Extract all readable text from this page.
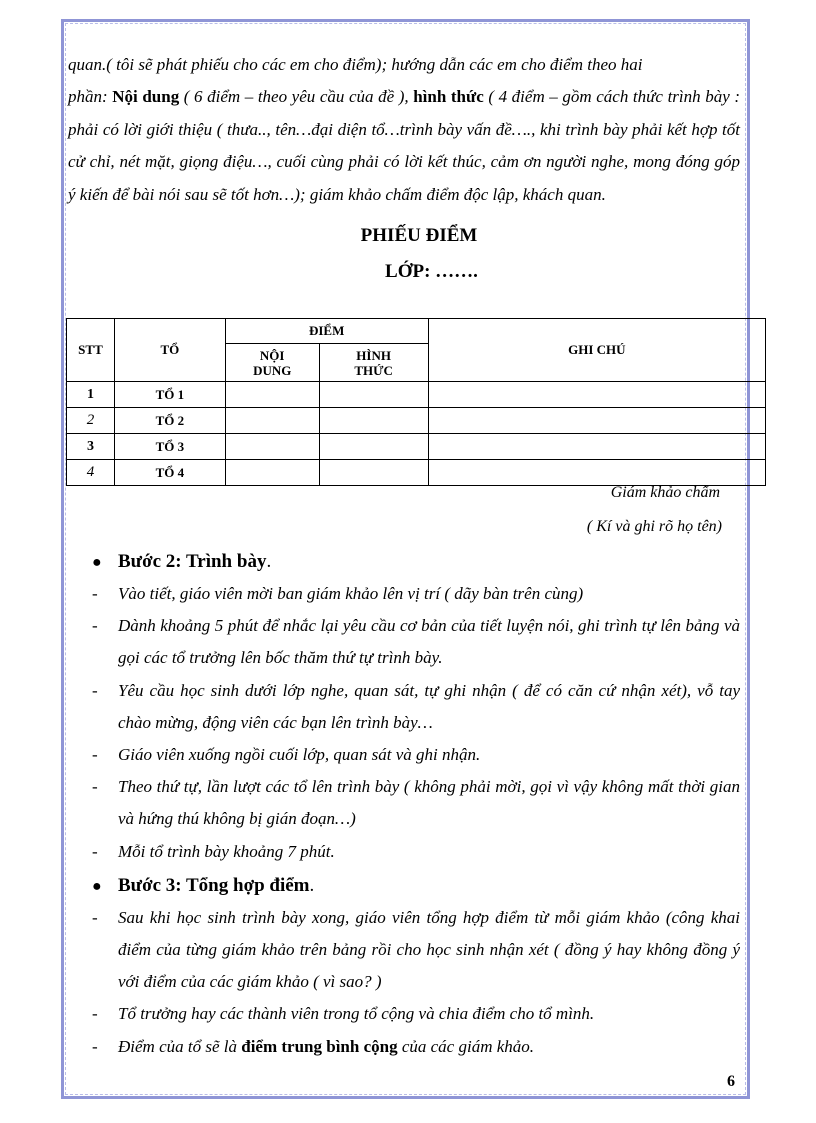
quan.( tôi sẽ phát phiếu cho các em cho điểm); hướng dẫn các em cho điểm theo hai
phần: Nội dung ( 6 điểm – theo yêu cầu của đề ), hình thức ( 4 điểm – gồm cách thức trình bày : phải có lời giới thiệu ( thưa.., tên…đại diện tổ…trình bày vấn đề…., khi trình bày phải kết hợp tốt cử chỉ, nét mặt, giọng điệu…, cuối cùng phải có lời kết thúc, cảm ơn người nghe, mong đóng góp ý kiến để bài nói sau sẽ tốt hơn…); giám khảo chấm điểm độc lập, khách quan.

PHIẾU ĐIỂM
LỚP: …….
STT	TỔ	ĐIỂM		GHI CHÚ
		NỘI DUNG	HÌNH THỨC	
1	TỔ 1			
2	TỔ 2			
3	TỔ 3			
4	TỔ 4			
Giám khảo chấm
( Kí và ghi rõ họ tên)
● Bước 2: Trình bày.
- Vào tiết, giáo viên mời ban giám khảo lên vị trí ( dãy bàn trên cùng)
- Dành khoảng 5 phút để nhắc lại yêu cầu cơ bản của tiết luyện nói, ghi trình tự lên bảng và gọi các tổ trưởng lên bốc thăm thứ tự trình bày.
- Yêu cầu học sinh dưới lớp nghe, quan sát, tự ghi nhận ( để có căn cứ nhận xét), vỗ tay chào mừng, động viên các bạn lên trình bày…
- Giáo viên xuống ngồi cuối lớp, quan sát và ghi nhận.
- Theo thứ tự, lần lượt các tổ lên trình bày ( không phải mời, gọi vì vậy không mất thời gian và hứng thú không bị gián đoạn…)
- Mỗi tổ trình bày khoảng 7 phút.
● Bước 3: Tổng hợp điểm.
- Sau khi học sinh trình bày xong, giáo viên tổng hợp điểm từ mỗi giám khảo (công khai điểm của từng giám khảo trên bảng rồi cho học sinh nhận xét ( đồng ý hay không đồng ý với điểm của các giám khảo ( vì sao? )
- Tổ trưởng hay các thành viên trong tổ cộng và chia điểm cho tổ mình.
- Điểm của tổ sẽ là điểm trung bình cộng của các giám khảo.
6
